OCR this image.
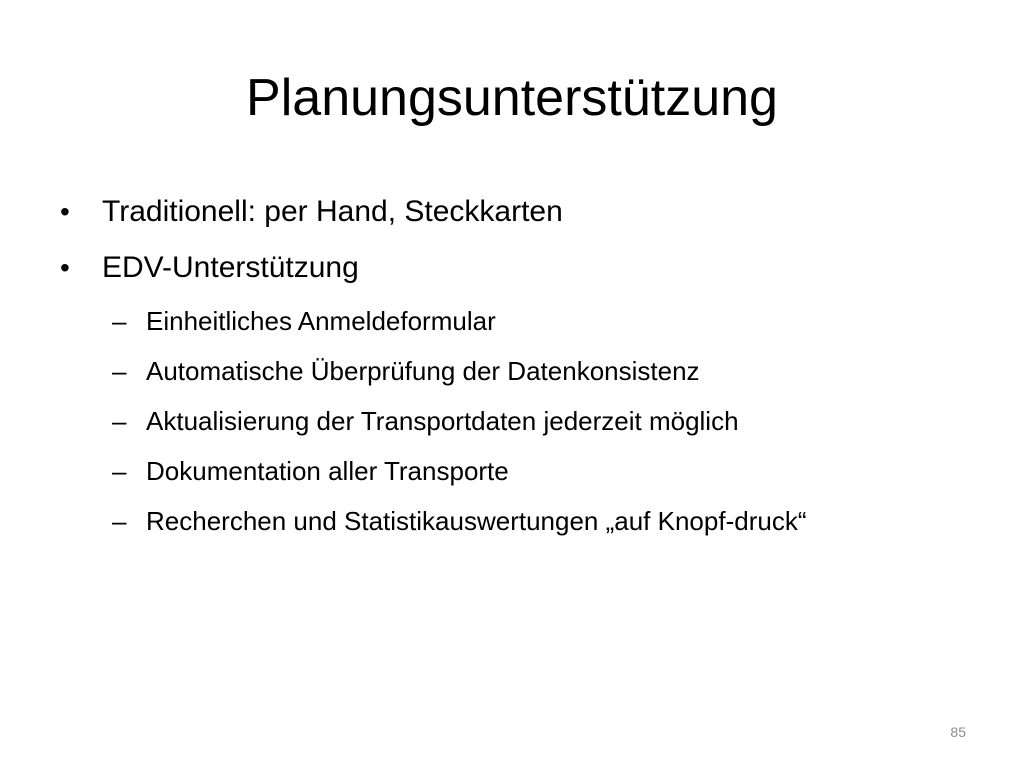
Planungsunterstützung
• Traditionell: per Hand, Steckkarten
• EDV-Unterstützung
– Einheitliches Anmeldeformular
– Automatische Überprüfung der Datenkonsistenz
– Aktualisierung der Transportdaten jederzeit möglich
– Dokumentation aller Transporte
– Recherchen und Statistikauswertungen „auf Knopf-druck“
85
